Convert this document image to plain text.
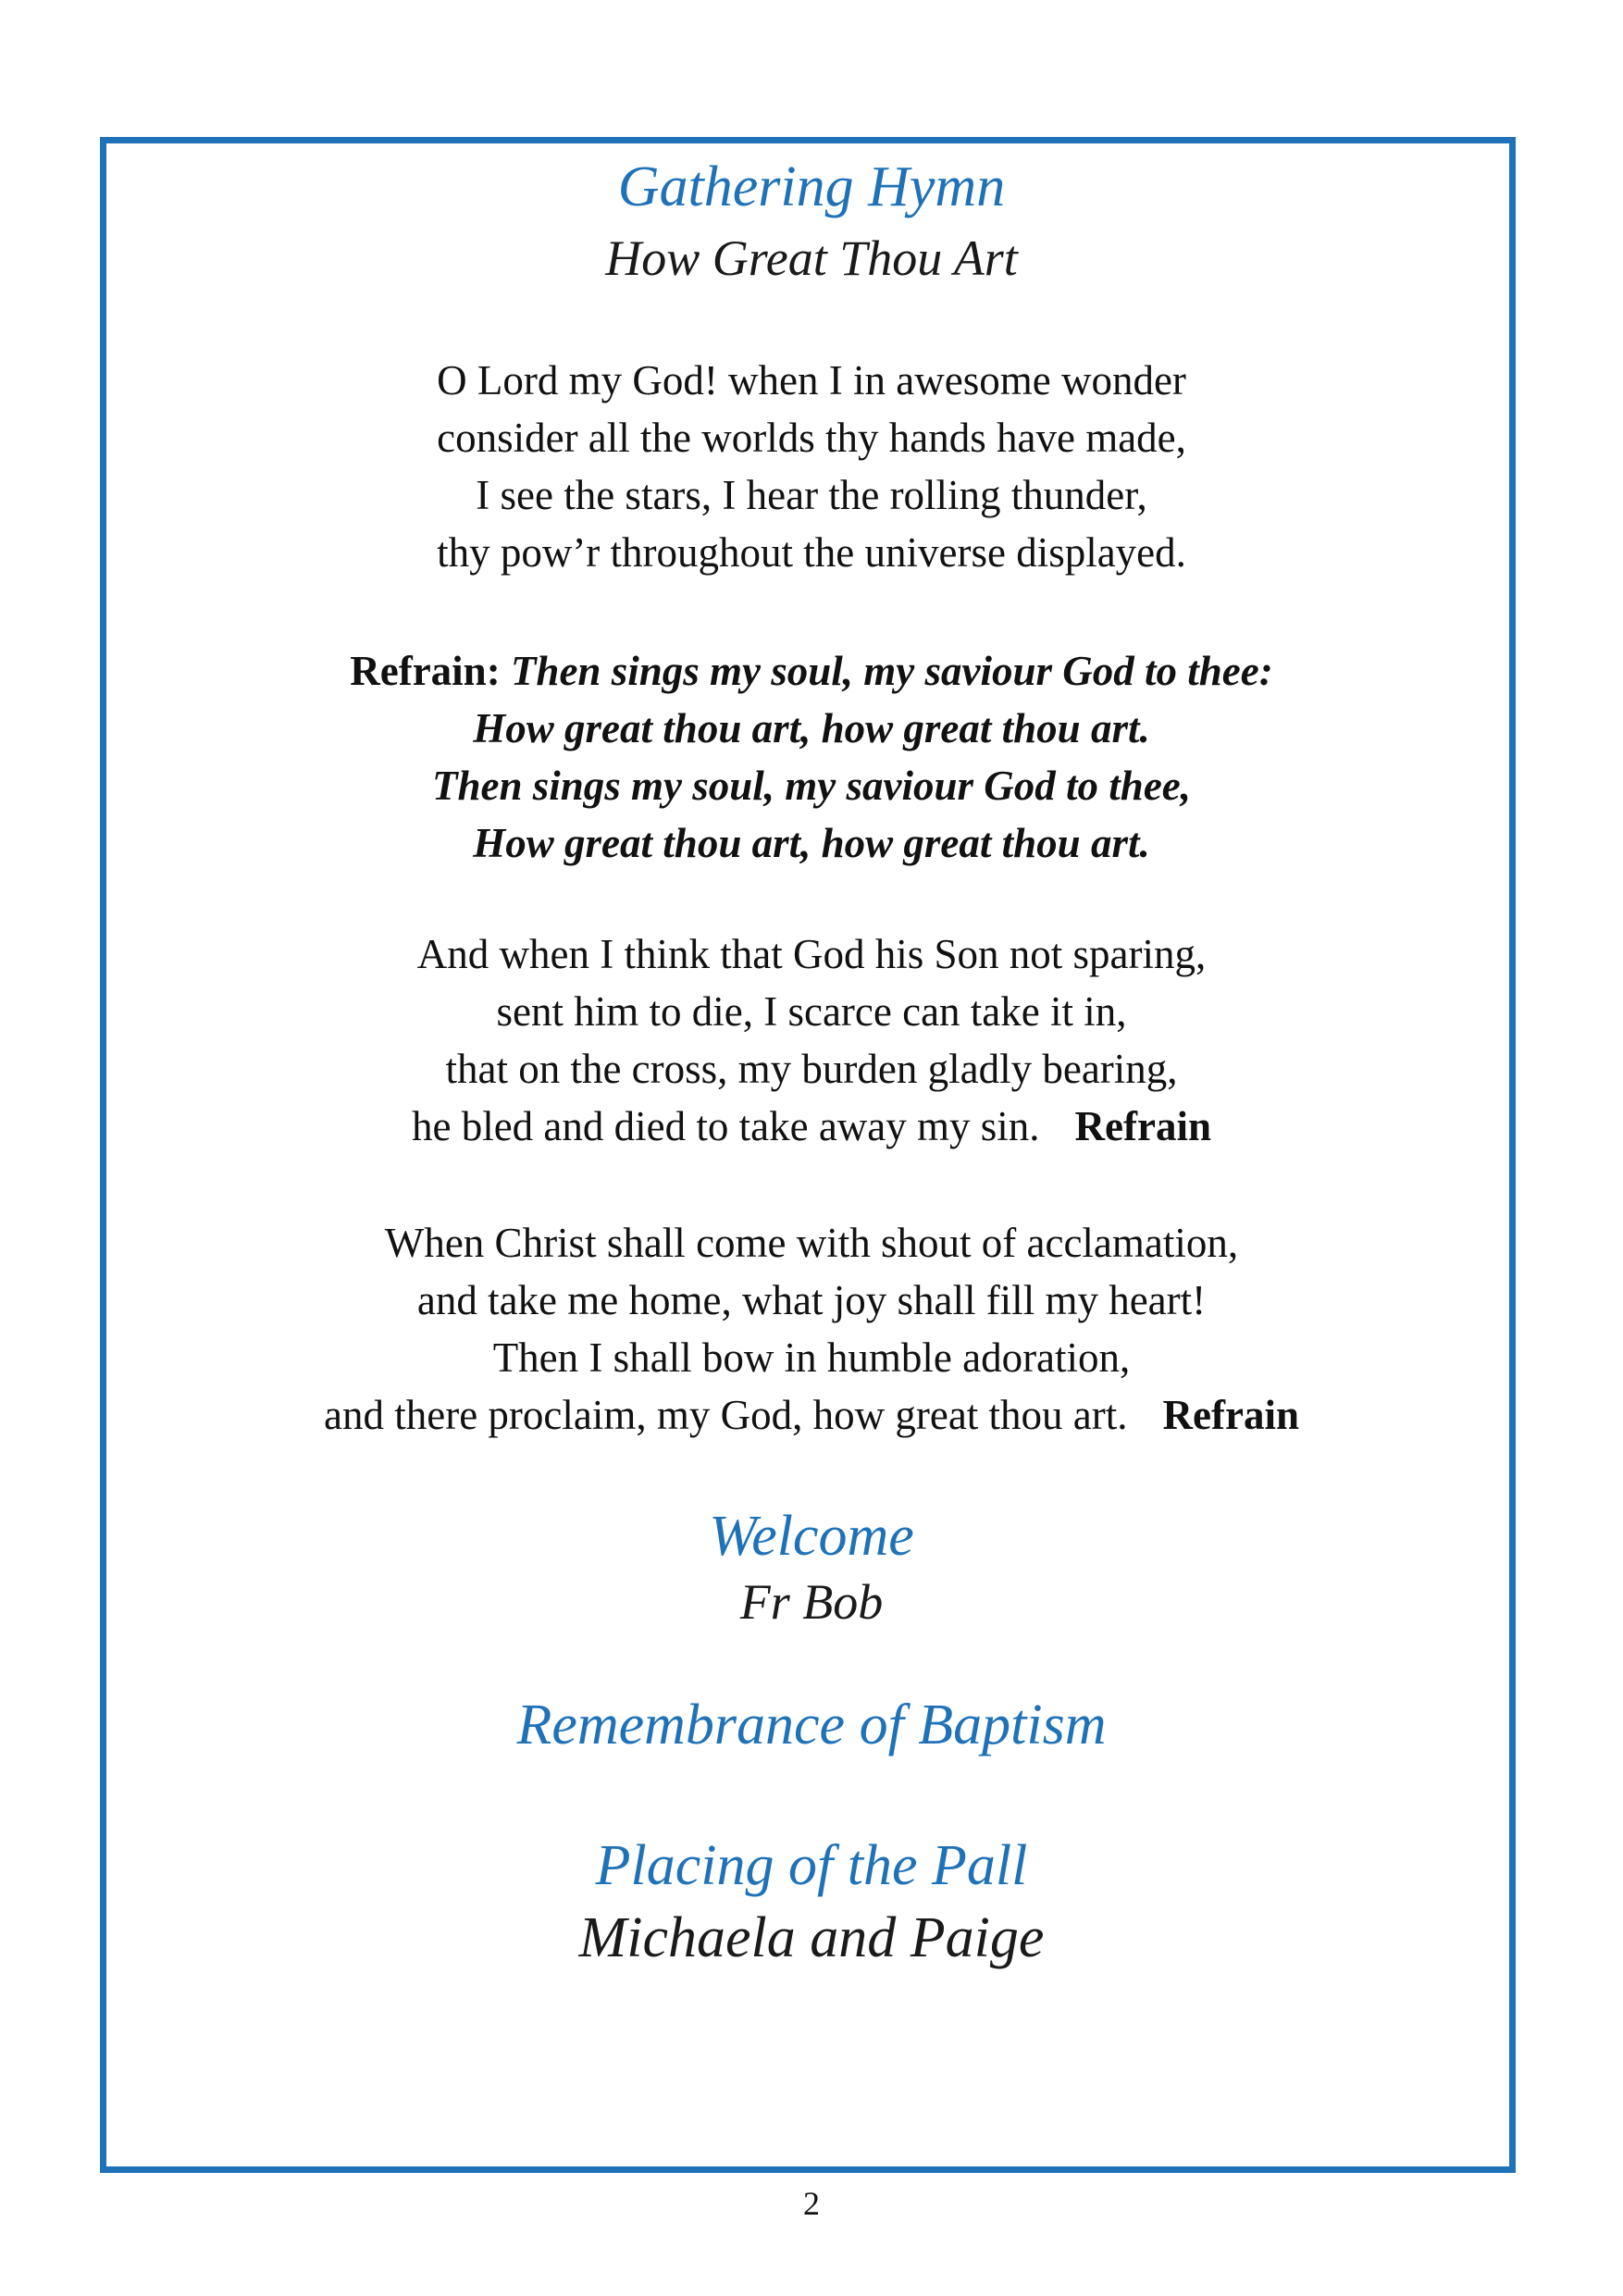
Gathering Hymn

How Great Thou Art

O Lord my God! when I in awesome wonder
consider all the worlds thy hands have made,
I see the stars, I hear the rolling thunder,
thy pow’r throughout the universe displayed.

Refrain: Then sings my soul, my saviour God to thee:
How great thou art, how great thou art.
Then sings my soul, my saviour God to thee,
How great thou art, how great thou art.

And when I think that God his Son not sparing,
sent him to die, I scarce can take it in,
that on the cross, my burden gladly bearing,
he bled and died to take away my sin. Refrain

When Christ shall come with shout of acclamation,
and take me home, what joy shall fill my heart!
Then I shall bow in humble adoration,
and there proclaim, my God, how great thou art. Refrain

Welcome

Fr Bob

Remembrance of Baptism

Placing of the Pall

Michaela and Paige

2
